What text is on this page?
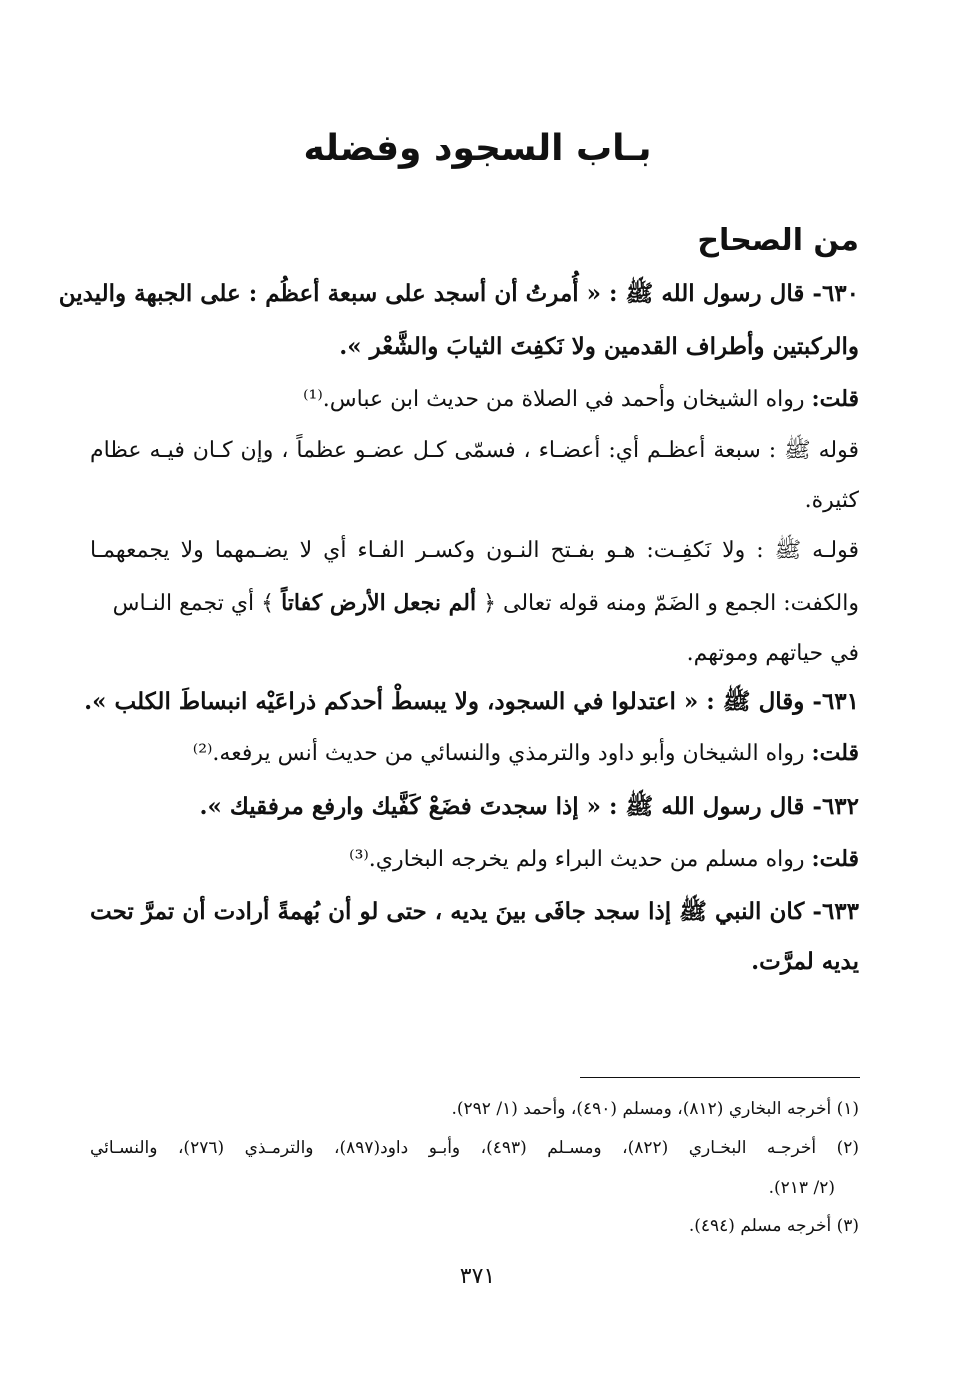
بـاب السجود وفضله
من الصحاح
٦٣٠- قال رسول الله ﷺ : « أُمرتُ أن أسجد على سبعة أعظُم : على الجبهة واليدين
والركبتين وأطراف القدمين ولا نَكفِتَ الثيابَ والشَّعْر ».
قلت: رواه الشيخان وأحمد في الصلاة من حديث ابن عباس.⁽¹⁾
قوله ﷺ : سبعة أعظـم أي: أعضـاء ، فسمّى كـل عضـو عظماً ، وإن كـان فيـه عظام
كثيرة.
قولـه ﷺ : ولا نَكفِـت: هـو بفـتح النـون وكسـر الفـاء أي لا يضـمهما ولا يجمعهمـا
والكفت: الجمع و الضَمّ ومنه قوله تعالى ﴿ ألم نجعل الأرض كفاتاً ﴾ أي تجمع النـاس
في حياتهم وموتهم.
٦٣١- وقال ﷺ : « اعتدلوا في السجود، ولا يبسطْ أحدكم ذراعَيْه انبساطَ الكلب ».
قلت: رواه الشيخان وأبو داود والترمذي والنسائي من حديث أنس يرفعه.⁽²⁾
٦٣٢- قال رسول الله ﷺ : « إذا سجدتَ فضَعْ كَفَّيك وارفع مرفقيك ».
قلت: رواه مسلم من حديث البراء ولم يخرجه البخاري.⁽³⁾
٦٣٣- كان النبي ﷺ إذا سجد جافَى بينَ يديه ، حتى لو أن بُهمةً أرادت أن تمرَّ تحت
يديه لمرَّت.
(١) أخرجه البخاري (٨١٢)، ومسلم (٤٩٠)، وأحمد (١/ ٢٩٢).
(٢) أخرجـه البخـاري (٨٢٢)، ومسـلم (٤٩٣)، وأبـو داود(٨٩٧)، والترمـذي (٢٧٦)، والنسـائي
(٢/ ٢١٣).
(٣) أخرجه مسلم (٤٩٤).
٣٧١
